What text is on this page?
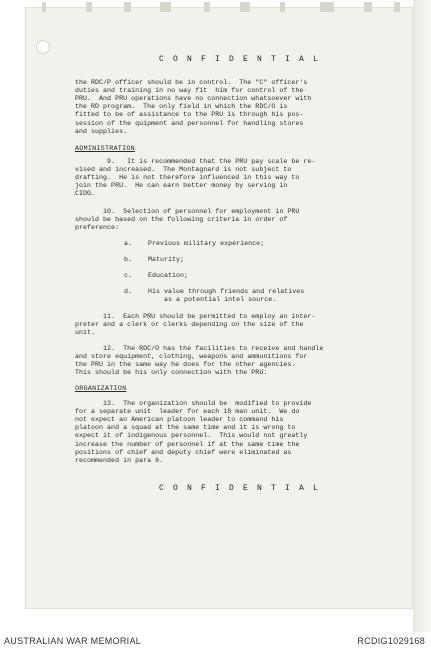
C O N F I D E N T I A L
the RDC/P officer should be in control.  The "C" officer's
duties and training in no way fit  him for control of the
PRU.  And PRU operations have no connection whatsoever with
the RD program.  The only field in which the RDC/O is
fitted to be of assistance to the PRU is through his pos-
session of the quipment and personnel for handling stores
and supplies.
ADMINISTRATION
9.   It is recommended that the PRU pay scale be re-
vised and increased.  The Montagnard is not subject to
drafting.  He is not therefore influenced in this way to
join the PRU.  He can earn better money by serving in
CIDG.
10.  Selection of personnel for employment in PRU
should be based on the following criteria in order of
preference:
a. Previous military experience;
b. Maturity;
c. Education;
d. His value through friends and relatives
as a potential intel source.
11.  Each PRU should be permitted to employ an inter-
preter and a clerk or clerks depending on the size of the
unit.
12.  The RDC/O has the facilities to receive and handle
and store equipment, clothing, weapons and ammunitions for
the PRU in the same way he does for the other agencies.
This should be his only connection with the PRU.
ORGANIZATION
13.  The organization should be  modified to provide
for a separate unit  leader for each 18 man unit.  We do
not expect an American platoon leader to command his
platoon and a squad at the same time and it is wrong to
expect it of indigenous personnel.  This would not greatly
increase the number of personnel if at the same time the
positions of chief and deputy chief were eliminated as
recommended in para 6.
C O N F I D E N T I A L
AUSTRALIAN WAR MEMORIAL	RCDIG1029168
